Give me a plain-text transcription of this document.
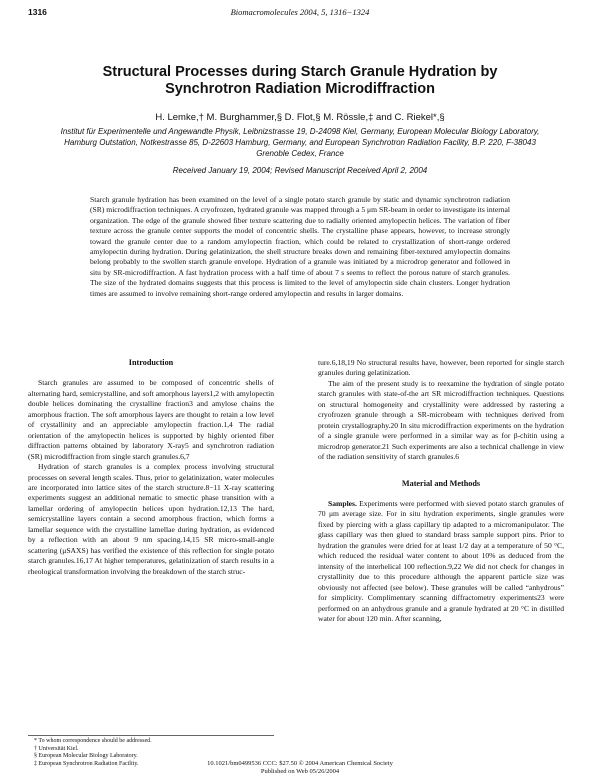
1316	Biomacromolecules 2004, 5, 1316−1324
Structural Processes during Starch Granule Hydration by Synchrotron Radiation Microdiffraction
H. Lemke,† M. Burghammer,§ D. Flot,§ M. Rössle,‡ and C. Riekel*,§
Institut für Experimentelle und Angewandte Physik, Leibnizstrasse 19, D-24098 Kiel, Germany, European Molecular Biology Laboratory, Hamburg Outstation, Notkestrasse 85, D-22603 Hamburg, Germany, and European Synchrotron Radiation Facility, B.P. 220, F-38043 Grenoble Cedex, France
Received January 19, 2004; Revised Manuscript Received April 2, 2004
Starch granule hydration has been examined on the level of a single potato starch granule by static and dynamic synchrotron radiation (SR) microdiffraction techniques. A cryofrozen, hydrated granule was mapped through a 5 μm SR-beam in order to investigate its internal organization. The edge of the granule showed fiber texture scattering due to radially oriented amylopectin helices. The variation of fiber texture across the granule center supports the model of concentric shells. The crystalline phase appears, however, to increase strongly toward the granule center due to a random amylopectin fraction, which could be related to crystallization of short-range ordered amylopectin during hydration. During gelatinization, the shell structure breaks down and remaining fiber-textured amylopectin domains belong probably to the swollen starch granule envelope. Hydration of a granule was initiated by a microdrop generator and followed in situ by SR-microdiffraction. A fast hydration process with a half time of about 7 s seems to reflect the porous nature of starch granules. The size of the hydrated domains suggests that this process is limited to the level of amylopectin side chain clusters. Longer hydration times are assumed to involve remaining short-range ordered amylopectin and results in larger domains.
Introduction

Starch granules are assumed to be composed of concentric shells of alternating hard, semicrystalline, and soft amorphous layers1,2 with amylopectin double helices dominating the crystalline fraction3 and amylose chains the amorphous fraction. The soft amorphous layers are thought to retain a low level of crystallinity and an appreciable amylopectin fraction.1,4 The radial orientation of the amylopectin helices is supported by highly oriented fiber diffraction patterns obtained by laboratory X-ray5 and synchrotron radiation (SR) microdiffraction from single starch granules.6,7

Hydration of starch granules is a complex process involving structural processes on several length scales. Thus, prior to gelatinization, water molecules are incorporated into lattice sites of the starch structure.8−11 X-ray scattering experiments suggest an additional nematic to smectic phase transition with a lamellar ordering of amylopectin helices upon hydration.12,13 The hard, semicrystalline layers contain a second amorphous fraction, which forms a lamellar sequence with the crystalline lamellae during hydration, as evidenced by a reflection with an about 9 nm spacing.14,15 SR micro-small-angle scattering (μSAXS) has verified the existence of this reflection for single potato starch granules.16,17 At higher temperatures, gelatinization of starch results in a rheological transformation involving the breakdown of the starch struc-

ture.6,18,19 No structural results have, however, been reported for single starch granules during gelatinization.

The aim of the present study is to reexamine the hydration of single potato starch granules with state-of-the art SR microdiffraction techniques. Questions on structural homogeneity and crystallinity were addressed by rastering a cryofrozen granule through a SR-microbeam with techniques derived from protein crystallography.20 In situ microdiffraction experiments on the hydration of a single granule were performed in a similar way as for β-chitin using a microdrop generator.21 Such experiments are also a technical challenge in view of the radiation sensitivity of starch granules.6

Material and Methods

Samples. Experiments were performed with sieved potato starch granules of 70 μm average size. For in situ hydration experiments, single granules were fixed by piercing with a glass capillary tip adapted to a micromanipulator. The glass capillary was then glued to standard brass sample support pins. Prior to hydration the granules were dried for at least 1/2 day at a temperature of 50 °C, which reduced the residual water content to about 10% as deduced from the intensity of the interhelical 100 reflection.9,22 We did not check for changes in crystallinity due to this procedure although the apparent particle size was obviously not affected (see below). These granules will be called “anhydrous” for simplicity. Complimentary scanning diffractometry experiments23 were performed on an anhydrous granule and a granule hydrated at 20 °C in distilled water for about 120 min. After scanning,

* To whom correspondence should be addressed.

† Universität Kiel.

§ European Molecular Biology Laboratory.

‡ European Synchrotron Radiation Facility.	10.1021/bm0499536 CCC: $27.50 © 2004 American Chemical Society
Published on Web 05/26/2004
